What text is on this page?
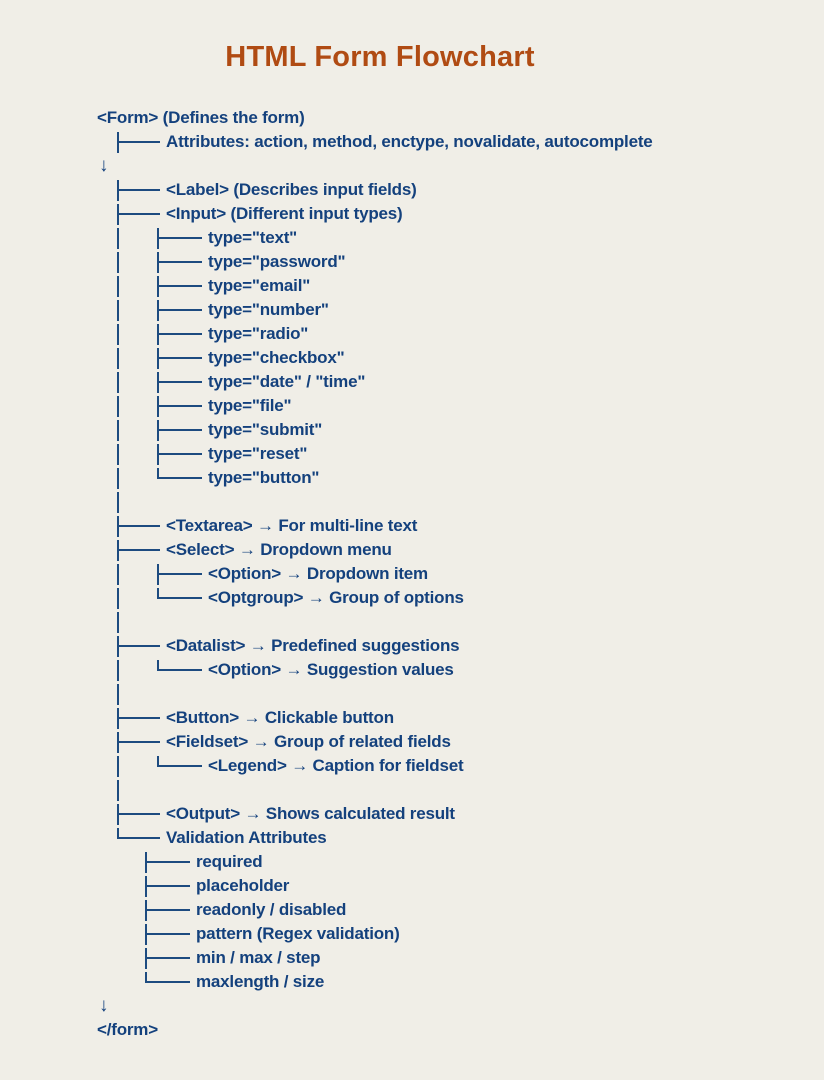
HTML Form Flowchart
<Form> (Defines the form)
Attributes: action, method, enctype, novalidate, autocomplete
↓
<Label> (Describes input fields)
<Input> (Different input types)
type="text"
type="password"
type="email"
type="number"
type="radio"
type="checkbox"
type="date" / "time"
type="file"
type="submit"
type="reset"
type="button"
<Textarea> → For multi-line text
<Select> → Dropdown menu
<Option> → Dropdown item
<Optgroup> → Group of options
<Datalist> → Predefined suggestions
<Option> → Suggestion values
<Button> → Clickable button
<Fieldset> → Group of related fields
<Legend> → Caption for fieldset
<Output> → Shows calculated result
Validation Attributes
required
placeholder
readonly / disabled
pattern (Regex validation)
min / max / step
maxlength / size
↓
</form>
